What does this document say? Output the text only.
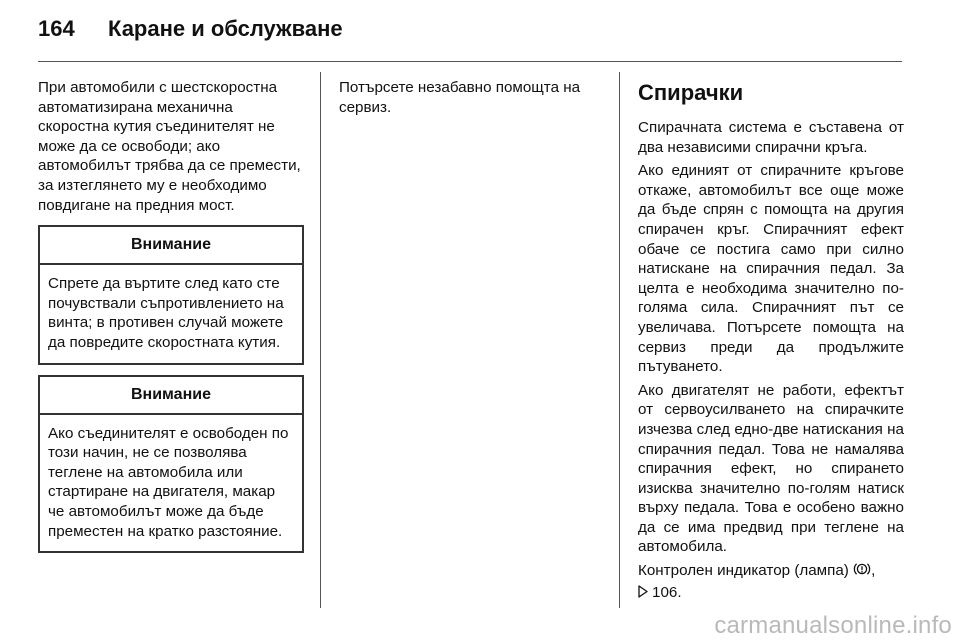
164	Каране и обслужване

При автомобили с шестскоростна автоматизирана механична скоростна кутия съединителят не може да се освободи; ако автомобилът трябва да се премести, за изтеглянето му е необходимо повдигане на предния мост.

Внимание
Спрете да въртите след като сте почувствали съпротивлението на винта; в противен случай можете да повредите скоростната кутия.
Внимание
Ако съединителят е освободен по този начин, не се позволява теглене на автомобила или стартиране на двигателя, макар че автомобилът може да бъде преместен на кратко разстояние.

Потърсете незабавно помощта на сервиз.

Спирачки

Спирачната система е съставена от два независими спирачни кръга.

Ако единият от спирачните кръгове откаже, автомобилът все още може да бъде спрян с помощта на другия спирачен кръг. Спирачният ефект обаче се постига само при силно натискане на спирачния педал. За целта е необходима значително по-голяма сила. Спирачният път се увеличава. Потърсете помощта на сервиз преди да продължите пътуването.

Ако двигателят не работи, ефектът от сервоусилването на спирачките изчезва след едно-две натискания на спирачния педал. Това не намалява спирачния ефект, но спирането изисква значително по-голям натиск върху педала. Това е особено важно да се има предвид при теглене на автомобила.

Контролен индикатор (лампа) ,
106.

carmanualsonline.info
